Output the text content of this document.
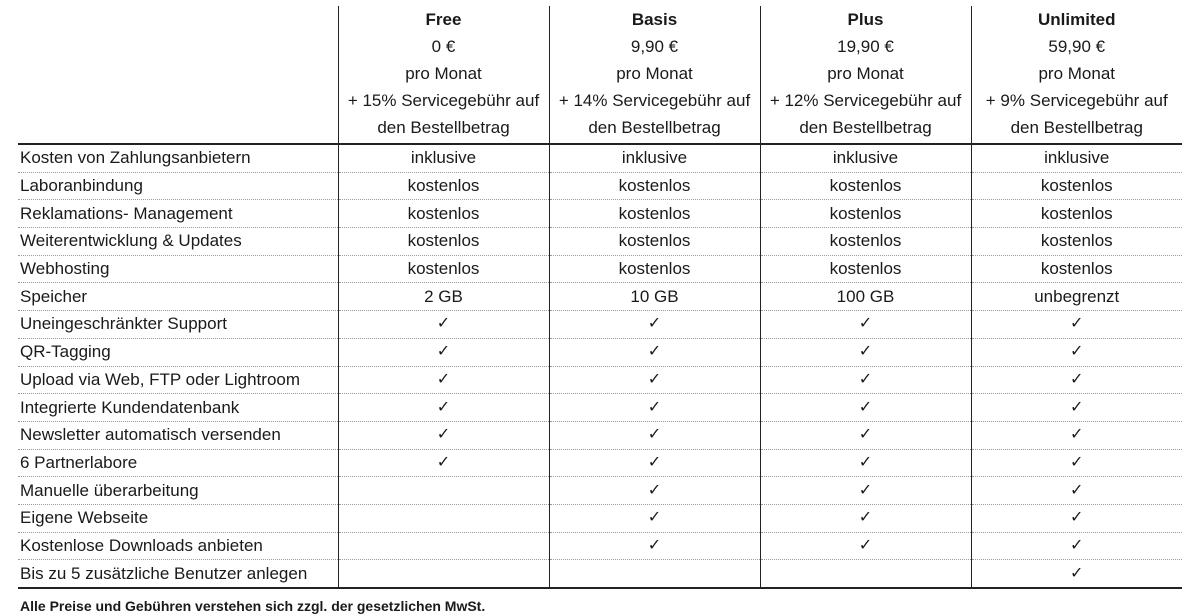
	Free
0 €
pro Monat
+ 15% Servicegebühr auf
den Bestellbetrag	Basis
9,90 €
pro Monat
+ 14% Servicegebühr auf
den Bestellbetrag	Plus
19,90 €
pro Monat
+ 12% Servicegebühr auf
den Bestellbetrag	Unlimited
59,90 €
pro Monat
+ 9% Servicegebühr auf
den Bestellbetrag

Kosten von Zahlungsanbietern	inklusive	inklusive	inklusive	inklusive
Laboranbindung	kostenlos	kostenlos	kostenlos	kostenlos
Reklamations- Management	kostenlos	kostenlos	kostenlos	kostenlos
Weiterentwicklung & Updates	kostenlos	kostenlos	kostenlos	kostenlos
Webhosting	kostenlos	kostenlos	kostenlos	kostenlos
Speicher	2 GB	10 GB	100 GB	unbegrenzt
Uneingeschränkter Support	✓	✓	✓	✓
QR-Tagging	✓	✓	✓	✓
Upload via Web, FTP oder Lightroom	✓	✓	✓	✓
Integrierte Kundendatenbank	✓	✓	✓	✓
Newsletter automatisch versenden	✓	✓	✓	✓
6 Partnerlabore	✓	✓	✓	✓
Manuelle überarbeitung		✓	✓	✓
Eigene Webseite		✓	✓	✓
Kostenlose Downloads anbieten		✓	✓	✓
Bis zu 5 zusätzliche Benutzer anlegen				✓
Alle Preise und Gebühren verstehen sich zzgl. der gesetzlichen MwSt.
